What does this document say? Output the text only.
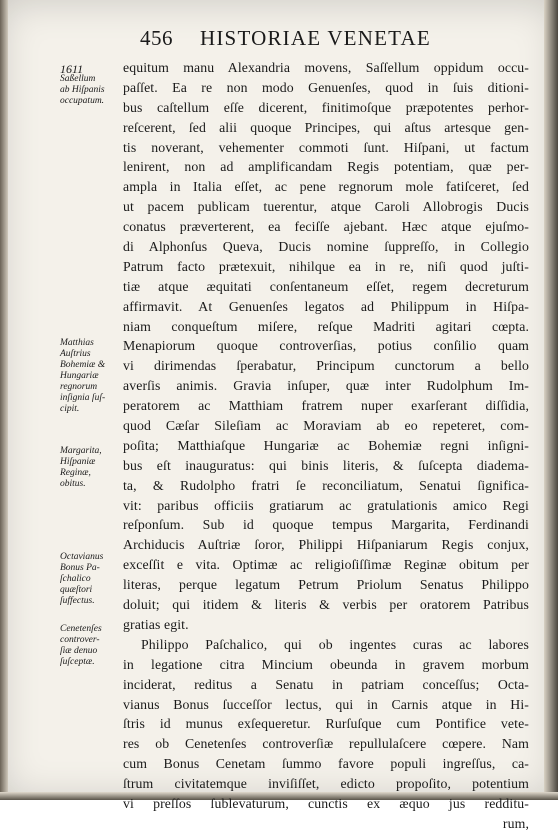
456 HISTORIAE VENETAE
1611
Saßellum
ab Hiſpanis
occupatum.
Matthias
Auſtrius
Bohemiæ &
Hungariæ
regnorum
inſignia ſuſ-
cipit.
Margarita,
Hiſpaniæ
Reginæ,
obitus.
Octavianus
Bonus Pa-
ſchalico
quæſtori
ſuffectus.
Cenetenſes
controver-
ſiæ denuo
ſuſceptæ.
equitum manu Alexandria movens, Saſſellum oppidum occu-
paſſet. Ea re non modo Genuenſes, quod in ſuis ditioni-
bus caſtellum eſſe dicerent, finitimoſque præpotentes perhor-
reſcerent, ſed alii quoque Principes, qui aſtus artesque gen-
tis noverant, vehementer commoti ſunt. Hiſpani, ut factum
lenirent, non ad amplificandam Regis potentiam, quæ per-
ampla in Italia eſſet, ac pene regnorum mole fatiſceret, ſed
ut pacem publicam tuerentur, atque Caroli Allobrogis Ducis
conatus præverterent, ea feciſſe ajebant. Hæc atque ejuſmo-
di Alphonſus Queva, Ducis nomine ſuppreſſo, in Collegio
Patrum facto prætexuit, nihilque ea in re, niſi quod juſti-
tiæ atque æquitati conſentaneum eſſet, regem decreturum
affirmavit. At Genuenſes legatos ad Philippum in Hiſpa-
niam conqueſtum miſere, reſque Madriti agitari cœpta.
Menapiorum quoque controverſias, potius conſilio quam
vi dirimendas ſperabatur, Principum cunctorum a bello
averſis animis. Gravia inſuper, quæ inter Rudolphum Im-
peratorem ac Matthiam fratrem nuper exarſerant diſſidia,
quod Cæſar Sileſiam ac Moraviam ab eo repeteret, com-
poſita; Matthiaſque Hungariæ ac Bohemiæ regni inſigni-
bus eſt inauguratus: qui binis literis, & ſuſcepta diadema-
ta, & Rudolpho fratri ſe reconciliatum, Senatui ſignifica-
vit: paribus officiis gratiarum ac gratulationis amico Regi
reſponſum. Sub id quoque tempus Margarita, Ferdinandi
Archiducis Auſtriæ ſoror, Philippi Hiſpaniarum Regis conjux,
exceſſit e vita. Optimæ ac religioſiſſimæ Reginæ obitum per
literas, perque legatum Petrum Priolum Senatus Philippo
doluit; qui itidem & literis & verbis per oratorem Patribus
gratias egit.
Philippo Paſchalico, qui ob ingentes curas ac labores
in legatione citra Mincium obeunda in gravem morbum
inciderat, reditus a Senatu in patriam conceſſus; Octa-
vianus Bonus ſucceſſor lectus, qui in Carnis atque in Hi-
ſtris id munus exſequeretur. Rurſuſque cum Pontifice vete-
res ob Cenetenſes controverſiæ repullulaſcere cœpere. Nam
cum Bonus Cenetam ſummo favore populi ingreſſus, ca-
ſtrum civitatemque inviſiſſet, edicto propoſito, potentium
vi preſſos ſublevaturum, cunctis ex æquo jus redditu-
rum,
